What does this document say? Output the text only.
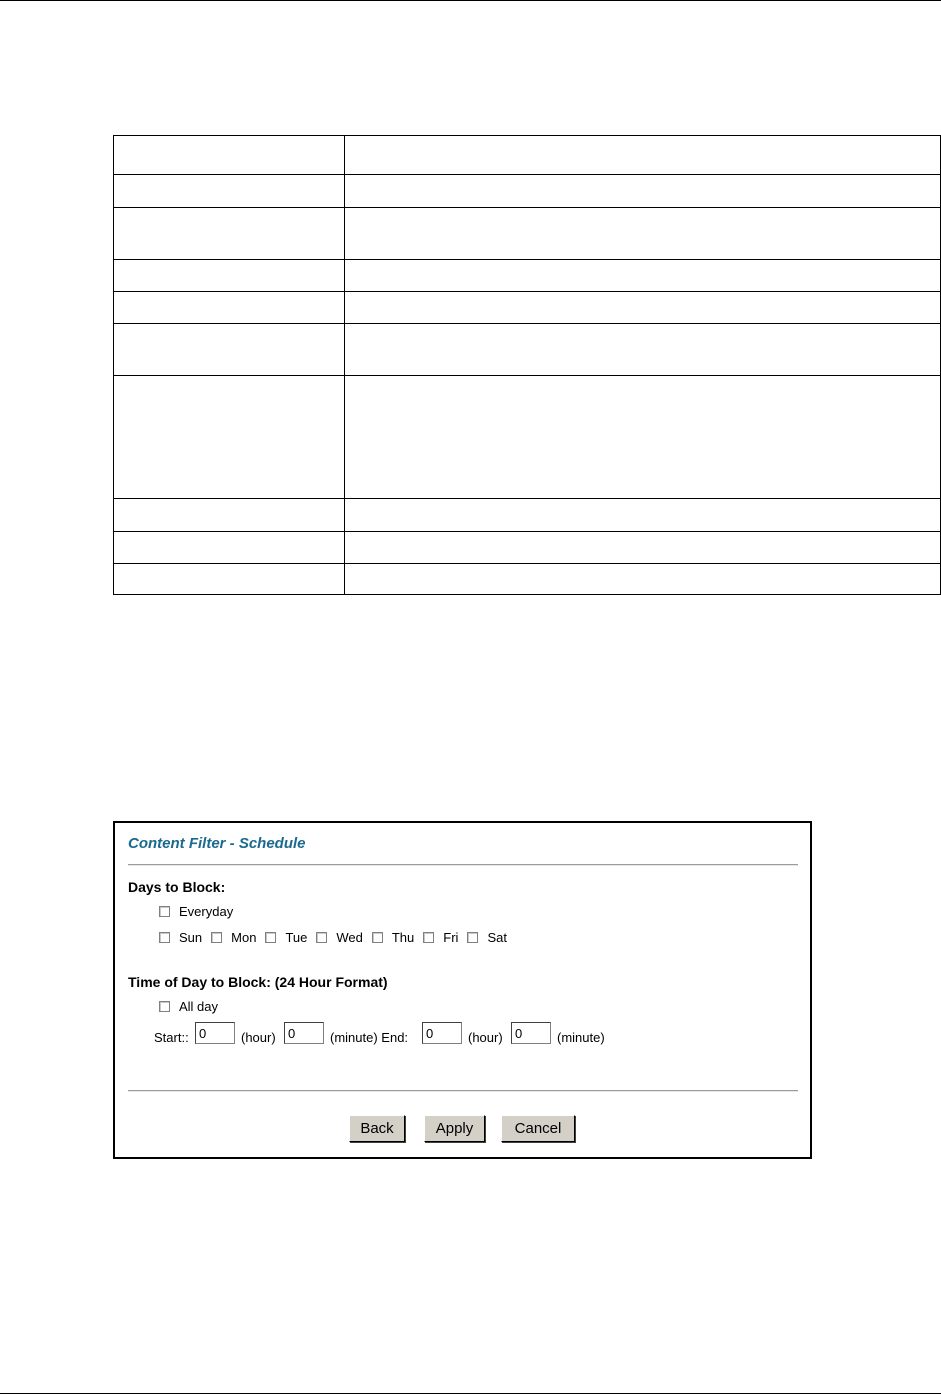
Content Filter - Schedule
Days to Block:
Everyday
Sun Mon Tue Wed Thu Fri Sat
Time of Day to Block: (24 Hour Format)
All day
Start::
0	(hour)
0	(minute) End:
0	(hour)
0	(minute)
Back	Apply	Cancel
